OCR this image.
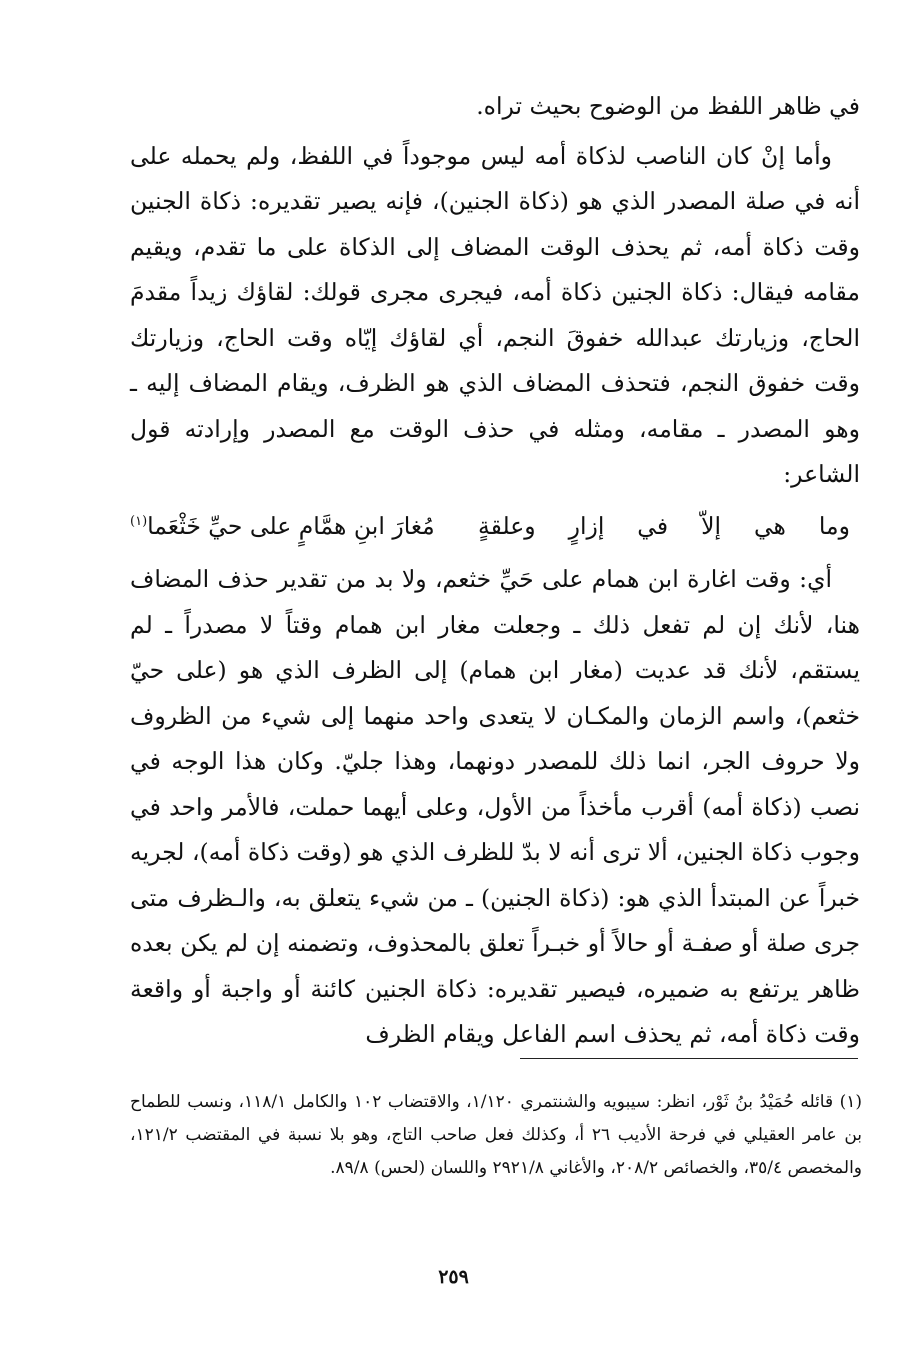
في ظاهر اللفظ من الوضوح بحيث تراه.

وأما إنْ كان الناصب لذكاة أمه ليس موجوداً في اللفظ، ولم يحمله على أنه في صلة المصدر الذي هو (ذكاة الجنين)، فإنه يصير تقديره: ذكاة الجنين وقت ذكاة أمه، ثم يحذف الوقت المضاف إلى الذكاة على ما تقدم، ويقيم مقامه فيقال: ذكاة الجنين ذكاة أمه، فيجرى مجرى قولك: لقاؤك زيداً مقدمَ الحاج، وزيارتك عبدالله خفوقَ النجم، أي لقاؤك إيّاه وقت الحاج، وزيارتك وقت خفوق النجم، فتحذف المضاف الذي هو الظرف، ويقام المضاف إليه ـ وهو المصدر ـ مقامه، ومثله في حذف الوقت مع المصدر وإرادته قول الشاعر:

وما هي إلاّ في إزارٍ وعلقةٍ
مُغارَ ابنِ همَّامٍ على حيِّ خَثْعَما$^{(١)}$

أي: وقت اغارة ابن همام على حَيِّ خثعم، ولا بد من تقدير حذف المضاف هنا، لأنك إن لم تفعل ذلك ـ وجعلت مغار ابن همام وقتاً لا مصدراً ـ لم يستقم، لأنك قد عديت (مغار ابن همام) إلى الظرف الذي هو (على حيّ خثعم)، واسم الزمان والمكـان لا يتعدى واحد منهما إلى شيء من الظروف ولا حروف الجر، انما ذلك للمصدر دونهما، وهذا جليّ. وكان هذا الوجه في نصب (ذكاة أمه) أقرب مأخذاً من الأول، وعلى أيهما حملت، فالأمر واحد في وجوب ذكاة الجنين، ألا ترى أنه لا بدّ للظرف الذي هو (وقت ذكاة أمه)، لجريه خبراً عن المبتدأ الذي هو: (ذكاة الجنين) ـ من شيء يتعلق به، والـظرف متى جرى صلة أو صفـة أو حالاً أو خبـراً تعلق بالمحذوف، وتضمنه إن لم يكن بعده ظاهر يرتفع به ضميره، فيصير تقديره: ذكاة الجنين كائنة أو واجبة أو واقعة وقت ذكاة أمه، ثم يحذف اسم الفاعل ويقام الظرف

(١) قائله حُمَيْدُ بنُ ثَوْر، انظر: سيبويه والشنتمري ١/١٢٠، والاقتضاب ١٠٢ والكامل ١١٨/١، ونسب للطماح بن عامر العقيلي في فرحة الأديب ٢٦ أ، وكذلك فعل صاحب التاج، وهو بلا نسبة في المقتضب ١٢١/٢، والمخصص ٣٥/٤، والخصائص ٢٠٨/٢، والأغاني ٢٩٢١/٨ واللسان (لحس) ٨٩/٨.

٢٥٩
